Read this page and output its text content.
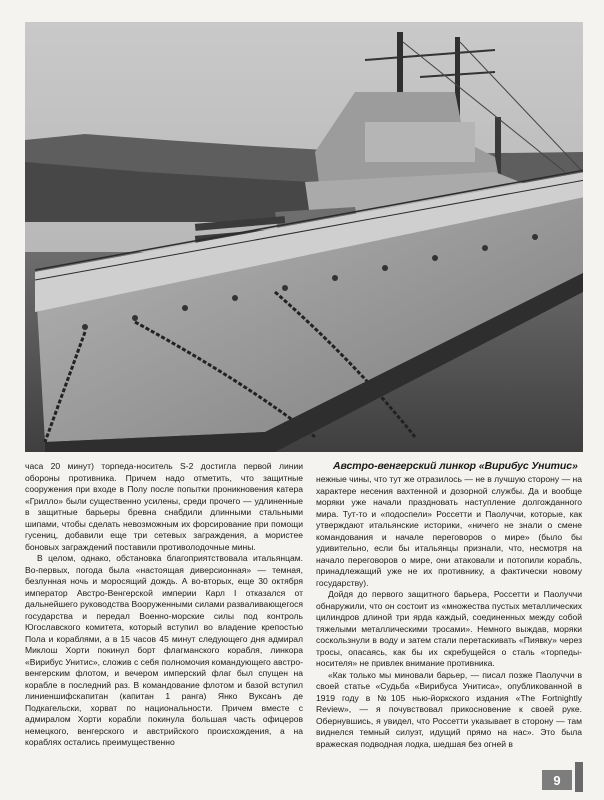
Австро-венгерский линкор «Вирибус Унитис»

часа 20 минут) торпеда-носитель S-2 достигла первой линии обороны противника. Причем надо отметить, что защитные сооружения при входе в Полу после попытки проникновения катера «Грилло» были существенно усилены, среди прочего — удлиненные в защитные барьеры бревна снабдили длинными стальными шипами, чтобы сделать невозможным их форсирование при помощи гусениц, добавили еще три сетевых заграждения, а мористее боновых заграждений поставили противолодочные мины.

В целом, однако, обстановка благоприятствовала итальянцам. Во-первых, погода была «настоящая диверсионная» — темная, безлунная ночь и моросящий дождь. А во-вторых, еще 30 октября император Австро-Венгерской империи Карл I отказался от дальнейшего руководства Вооруженными силами разваливающегося государства и передал Военно-морские силы под контроль Югославского комитета, который вступил во владение крепостью Пола и кораблями, а в 15 часов 45 минут следующего дня адмирал Миклош Хорти покинул борт флагманского корабля, линкора «Вирибус Унитис», сложив с себя полномочия командующего австро-венгерским флотом, и вечером имперский флаг был спущен на корабле в последний раз. В командование флотом и базой вступил линиеншифскапитан (капитан 1 ранга) Янко Вуксанъ де Подкагельски, хорват по национальности. Причем вместе с адмиралом Хорти корабли покинула большая часть офицеров немецкого, венгерского и австрийского происхождения, а на кораблях остались преимущественно

нежные чины, что тут же отразилось — не в лучшую сторону — на характере несения вахтенной и дозорной службы. Да и вообще моряки уже начали праздновать наступление долгожданного мира. Тут-то и «подоспели» Россетти и Паолуччи, которые, как утверждают итальянские историки, «ничего не знали о смене командования и начале переговоров о мире» (было бы удивительно, если бы итальянцы признали, что, несмотря на начало переговоров о мире, они атаковали и потопили корабль, принадлежащий уже не их противнику, а фактически новому государству).

Дойдя до первого защитного барьера, Россетти и Паолуччи обнаружили, что он состоит из «множества пустых металлических цилиндров длиной три ярда каждый, соединенных между собой тяжелыми металлическими тросами». Немного выждав, моряки соскользнули в воду и затем стали перетаскивать «Пиявку» через тросы, опасаясь, как бы их скребущейся о сталь «торпеды-носителя» не привлек внимание противника.

«Как только мы миновали барьер, — писал позже Паолуччи в своей статье «Судьба «Вирибуса Унитиса», опубликованной в 1919 году в №105 нью-йоркского издания «The Fortnightly Review», — я почувствовал прикосновение к своей руке. Обернувшись, я увидел, что Россетти указывает в сторону — там виднелся темный силуэт, идущий прямо на нас». Это была вражеская подводная лодка, шедшая без огней в

9
